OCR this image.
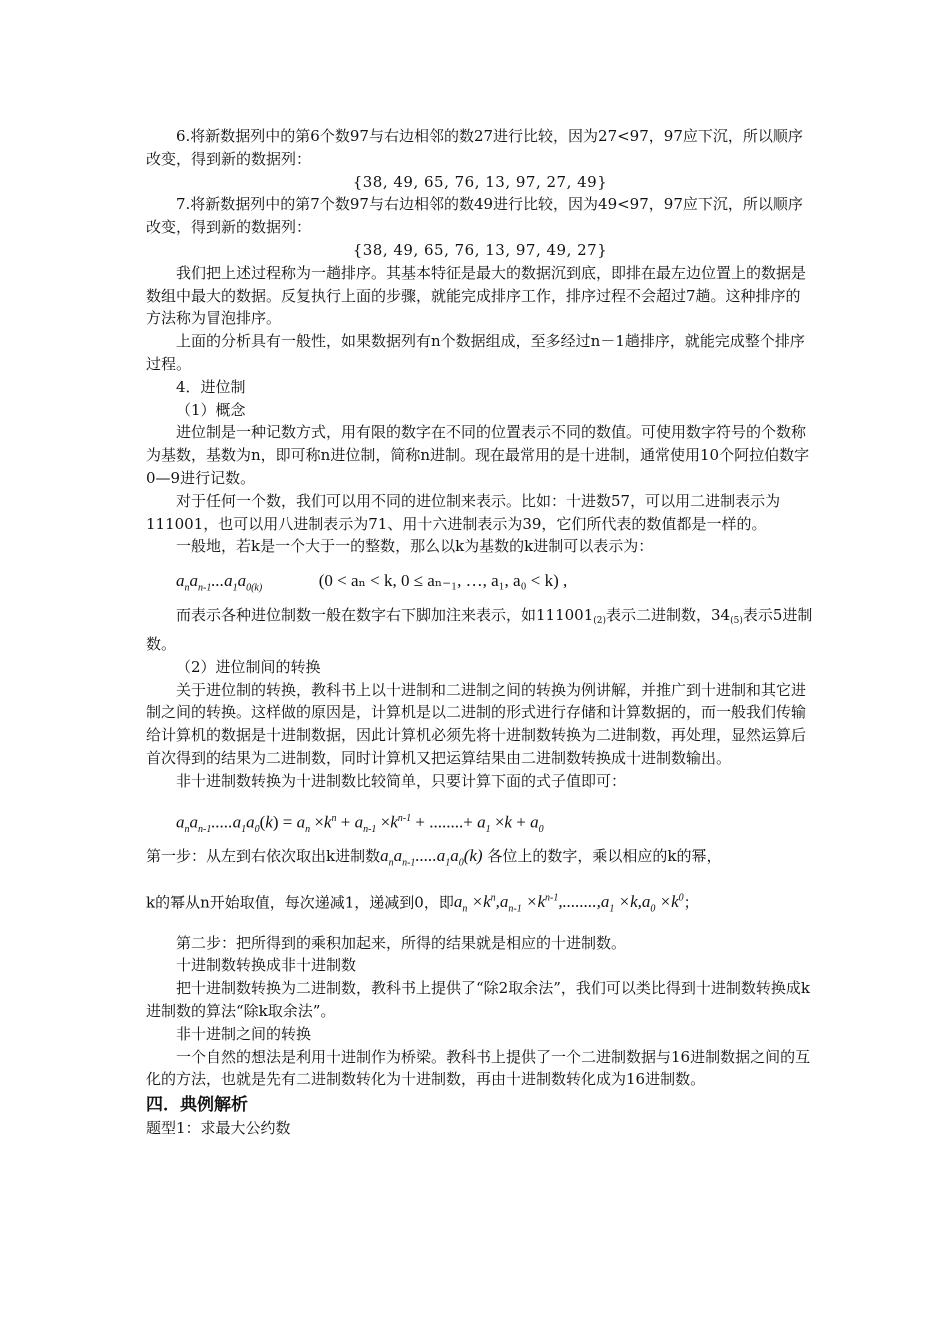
6.将新数据列中的第6个数97与右边相邻的数27进行比较，因为27<97，97应下沉，所以顺序改变，得到新的数据列：

{38, 49, 65, 76, 13, 97, 27, 49}

7.将新数据列中的第7个数97与右边相邻的数49进行比较，因为49<97，97应下沉，所以顺序改变，得到新的数据列：

{38, 49, 65, 76, 13, 97, 49, 27}

我们把上述过程称为一趟排序。其基本特征是最大的数据沉到底，即排在最左边位置上的数据是数组中最大的数据。反复执行上面的步骤，就能完成排序工作，排序过程不会超过7趟。这种排序的方法称为冒泡排序。

上面的分析具有一般性，如果数据列有n个数据组成，至多经过n－1趟排序，就能完成整个排序过程。

4．进位制

（1）概念

进位制是一种记数方式，用有限的数字在不同的位置表示不同的数值。可使用数字符号的个数称为基数，基数为n，即可称n进位制，简称n进制。现在最常用的是十进制，通常使用10个阿拉伯数字0—9进行记数。

对于任何一个数，我们可以用不同的进位制来表示。比如：十进数57，可以用二进制表示为111001，也可以用八进制表示为71、用十六进制表示为39，它们所代表的数值都是一样的。

一般地，若k是一个大于一的整数，那么以k为基数的k进制可以表示为：

$a_na_{n-1}...a_1a_{0(k)}$	(0 < aₙ < k, 0 ≤ aₙ₋₁, …, a₁, a₀ < k) ,

而表示各种进位制数一般在数字右下脚加注来表示，如$111001_{(2)}$表示二进制数，$34_{(5)}$表示5进制数。

（2）进位制间的转换

关于进位制的转换，教科书上以十进制和二进制之间的转换为例讲解，并推广到十进制和其它进制之间的转换。这样做的原因是，计算机是以二进制的形式进行存储和计算数据的，而一般我们传输给计算机的数据是十进制数据，因此计算机必须先将十进制数转换为二进制数，再处理，显然运算后首次得到的结果为二进制数，同时计算机又把运算结果由二进制数转换成十进制数输出。

非十进制数转换为十进制数比较简单，只要计算下面的式子值即可：

$a_na_{n-1}.....a_1a_0(k) = a_n \times k^n + a_{n-1} \times k^{n-1}$ + ........+ $a_1 \times k + a_0$

第一步：从左到右依次取出k进制数$a_na_{n-1}.....a_1a_0(k)$ 各位上的数字，乘以相应的k的幂，

k的幂从n开始取值，每次递减1，递减到0，即$a_n \times k^n,a_{n-1} \times k^{n-1},........,a_1 \times k,a_0 \times k^0$；

第二步：把所得到的乘积加起来，所得的结果就是相应的十进制数。

十进制数转换成非十进制数

把十进制数转换为二进制数，教科书上提供了“除2取余法”，我们可以类比得到十进制数转换成k进制数的算法“除k取余法”。

非十进制之间的转换

一个自然的想法是利用十进制作为桥梁。教科书上提供了一个二进制数据与16进制数据之间的互化的方法，也就是先有二进制数转化为十进制数，再由十进制数转化成为16进制数。

四．典例解析

题型1：求最大公约数
